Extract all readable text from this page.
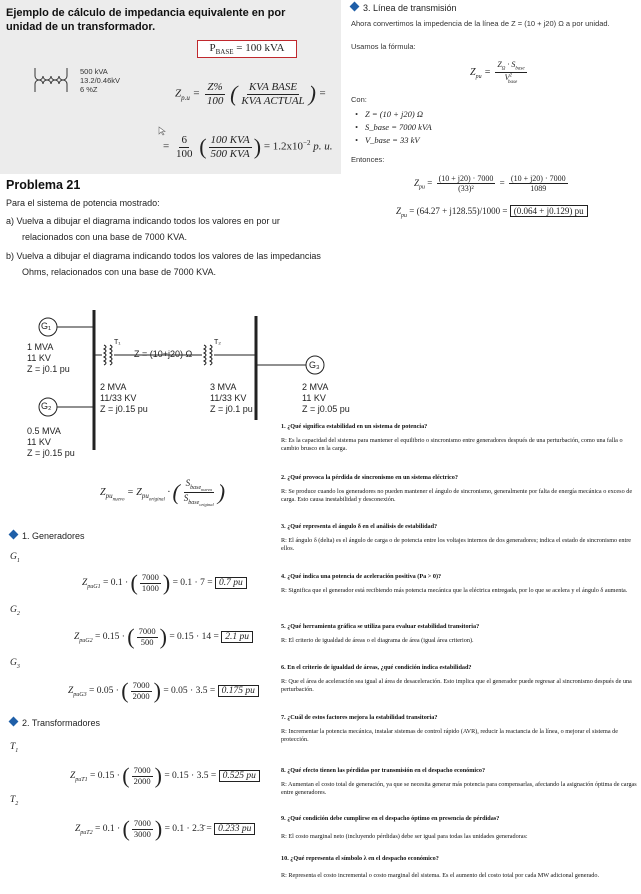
Ejemplo de cálculo de impedancia equivalente en por unidad de un transformador.
$P_{BASE} = 100$ kVA
500 kVA
13.2/0.46kV
6 %Z	$Z_{p.u} = \frac{Z\%}{100}$ ( $\frac{\text{KVA BASE}}{\text{KVA ACTUAL}}$ ) =
= $\frac{6}{100}$ ( $\frac{\text{100 KVA}}{\text{500 KVA}}$ ) = $1.2x10^{-2}$ p. u.
3. Línea de transmisión
Ahora convertimos la impedencia de la línea de Z = (10 + j20) Ω a por unidad.
Usamos la fórmula:
$Z_{pu} = \frac{Z_\Omega \cdot S_{base}}{V^2_{base}}$
Con:
• Z = (10 + j20) Ω
• S_base = 7000 kVA
• V_base = 33 kV
Entonces:
$Z_{pu} = \frac{(10 + j20) \cdot 7000}{\text{(33)²}} = \frac{(10 + j20) \cdot 7000}{1089}$
$Z_{pu} = (64.27 + j128.55)/1000 = (0.064 + j0.129)$ pu
Problema 21
Para el sistema de potencia mostrado:
a) Vuelva a dibujar el diagrama indicando todos los valores en por ur
relacionados con una base de 7000 KVA.
b) Vuelva a dibujar el diagrama indicando todos los valores de las impedancias
Ohms, relacionados con una base de 7000 KVA.
G₁
1 MVA
11 KV
Z = j0.1 pu
G₂
0.5 MVA
11 KV
Z = j0.15 pu
T₁
2 MVA
11/33 KV
Z = j0.15 pu
Z = (10+j20) Ω
T₂
3 MVA
11/33 KV
Z = j0.1 pu
G₃
2 MVA
11 KV
Z = j0.05 pu
$Z_{pu_{nuevo}} = Z_{pu_{original}}$ · ( $\frac{S_{base_{nueva}}}{S_{base_{original}}}$ )
1. Generadores
$G_1$
$Z_{puG1} = 0.1$ · ( $\frac{7000}{1000}$ ) = 0.1 · 7 = 0.7 pu
$G_2$
$Z_{puG2} = 0.15$ · ( $\frac{7000}{500}$ ) = 0.15 · 14 = 2.1 pu
$G_3$
$Z_{puG3} = 0.05$ · ( $\frac{7000}{2000}$ ) = 0.05 · 3.5 = 0.175 pu
2. Transformadores
$T_1$
$Z_{puT1} = 0.15$ · ( $\frac{7000}{2000}$ ) = 0.15 · 3.5 = 0.525 pu
$T_2$
$Z_{puT2} = 0.1$ · ( $\frac{7000}{3000}$ ) = 0.1 · 2.3̄ = 0.233 pu
1. ¿Qué significa estabilidad en un sistema de potencia?
R: Es la capacidad del sistema para mantener el equilibrio o sincronismo entre generadores después de una perturbación, como una falla o cambio brusco en la carga.
2. ¿Qué provoca la pérdida de sincronismo en un sistema eléctrico?
R: Se produce cuando los generadores no pueden mantener el ángulo de sincronismo, generalmente por falta de energía mecánica o exceso de carga. Esto causa inestabilidad y desconexión.
3. ¿Qué representa el ángulo δ en el análisis de estabilidad?
R: El ángulo δ (delta) es el ángulo de carga o de potencia entre los voltajes internos de dos generadores; indica el estado de sincronismo entre ellos.
4. ¿Qué indica una potencia de aceleración positiva (Pa > 0)?
R: Significa que el generador está recibiendo más potencia mecánica que la eléctrica entregada, por lo que se acelera y el ángulo δ aumenta.
5. ¿Qué herramienta gráfica se utiliza para evaluar estabilidad transitoria?
R: El criterio de igualdad de áreas o el diagrama de área (igual área criterion).
6. En el criterio de igualdad de áreas, ¿qué condición indica estabilidad?
R: Que el área de aceleración sea igual al área de desaceleración. Esto implica que el generador puede regresar al sincronismo después de una perturbación.
7. ¿Cuál de estos factores mejora la estabilidad transitoria?
R: Incrementar la potencia mecánica, instalar sistemas de control rápido (AVR), reducir la reactancia de la línea, o mejorar el sistema de protección.
8. ¿Qué efecto tienen las pérdidas por transmisión en el despacho económico?
R: Aumentan el costo total de generación, ya que se necesita generar más potencia para compensarlas, afectando la asignación óptima de cargas entre generadores.
9. ¿Qué condición debe cumplirse en el despacho óptimo en presencia de pérdidas?
R: El costo marginal neto (incluyendo pérdidas) debe ser igual para todas las unidades generadoras:
10. ¿Qué representa el símbolo λ en el despacho económico?
R: Representa el costo incremental o costo marginal del sistema. Es el aumento del costo total por cada MW adicional generado.
